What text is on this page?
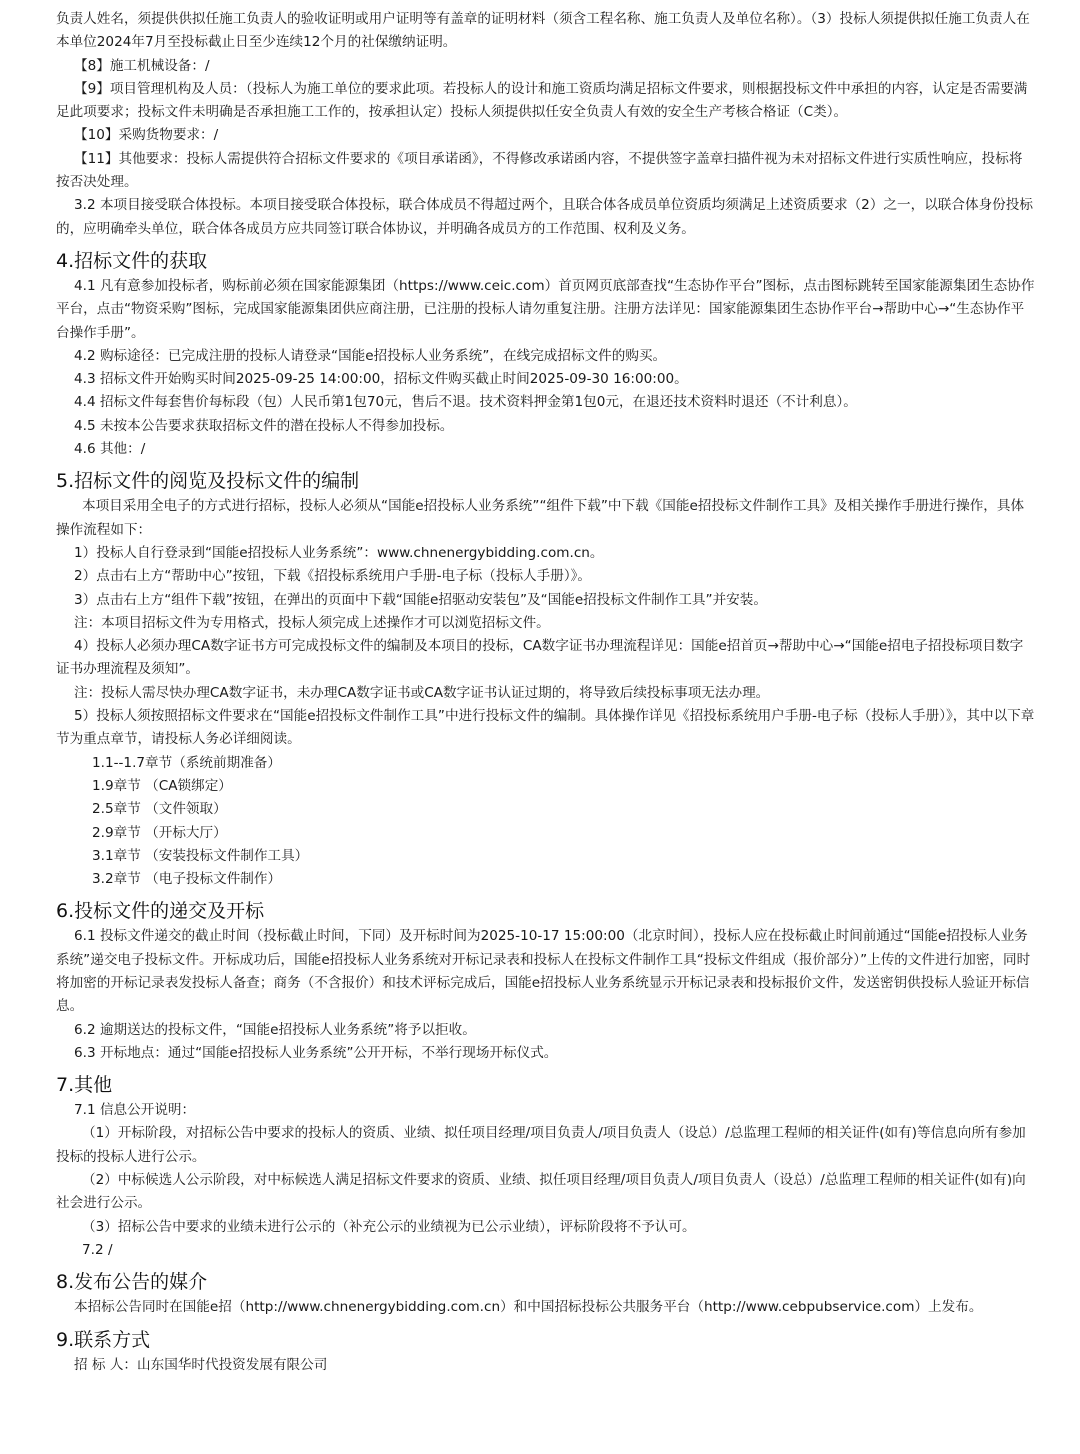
负责人姓名，须提供供拟任施工负责人的验收证明或用户证明等有盖章的证明材料（须含工程名称、施工负责人及单位名称）。（3）投标人须提供拟任施工负责人在本单位2024年7月至投标截止日至少连续12个月的社保缴纳证明。

【8】施工机械设备：/

【9】项目管理机构及人员：（投标人为施工单位的要求此项。若投标人的设计和施工资质均满足招标文件要求，则根据投标文件中承担的内容，认定是否需要满足此项要求；投标文件未明确是否承担施工工作的，按承担认定）投标人须提供拟任安全负责人有效的安全生产考核合格证（C类）。

【10】采购货物要求：/

【11】其他要求：投标人需提供符合招标文件要求的《项目承诺函》，不得修改承诺函内容，不提供签字盖章扫描件视为未对招标文件进行实质性响应，投标将按否决处理。

3.2 本项目接受联合体投标。本项目接受联合体投标，联合体成员不得超过两个，且联合体各成员单位资质均须满足上述资质要求（2）之一，以联合体身份投标的，应明确牵头单位，联合体各成员方应共同签订联合体协议，并明确各成员方的工作范围、权利及义务。

4.招标文件的获取

4.1 凡有意参加投标者，购标前必须在国家能源集团（https://www.ceic.com）首页网页底部查找“生态协作平台”图标，点击图标跳转至国家能源集团生态协作平台，点击“物资采购”图标，完成国家能源集团供应商注册，已注册的投标人请勿重复注册。注册方法详见：国家能源集团生态协作平台→帮助中心→“生态协作平台操作手册”。

4.2 购标途径：已完成注册的投标人请登录“国能e招投标人业务系统”，在线完成招标文件的购买。

4.3 招标文件开始购买时间2025-09-25 14:00:00，招标文件购买截止时间2025-09-30 16:00:00。

4.4 招标文件每套售价每标段（包）人民币第1包70元，售后不退。技术资料押金第1包0元，在退还技术资料时退还（不计利息）。

4.5 未按本公告要求获取招标文件的潜在投标人不得参加投标。

4.6 其他：/

5.招标文件的阅览及投标文件的编制

本项目采用全电子的方式进行招标，投标人必须从“国能e招投标人业务系统”“组件下载”中下载《国能e招投标文件制作工具》及相关操作手册进行操作，具体操作流程如下：

1）投标人自行登录到“国能e招投标人业务系统”：www.chnenergybidding.com.cn。

2）点击右上方“帮助中心”按钮，下载《招投标系统用户手册-电子标（投标人手册）》。

3）点击右上方“组件下载”按钮，在弹出的页面中下载“国能e招驱动安装包”及“国能e招投标文件制作工具”并安装。

注：本项目招标文件为专用格式，投标人须完成上述操作才可以浏览招标文件。

4）投标人必须办理CA数字证书方可完成投标文件的编制及本项目的投标，CA数字证书办理流程详见：国能e招首页→帮助中心→“国能e招电子招投标项目数字证书办理流程及须知”。

注：投标人需尽快办理CA数字证书，未办理CA数字证书或CA数字证书认证过期的，将导致后续投标事项无法办理。

5）投标人须按照招标文件要求在“国能e招投标文件制作工具”中进行投标文件的编制。具体操作详见《招投标系统用户手册-电子标（投标人手册）》，其中以下章节为重点章节，请投标人务必详细阅读。

1.1--1.7章节（系统前期准备）

1.9章节 （CA锁绑定）

2.5章节 （文件领取）

2.9章节 （开标大厅）

3.1章节 （安装投标文件制作工具）

3.2章节 （电子投标文件制作）

6.投标文件的递交及开标

6.1 投标文件递交的截止时间（投标截止时间，下同）及开标时间为2025-10-17 15:00:00（北京时间），投标人应在投标截止时间前通过“国能e招投标人业务系统”递交电子投标文件。开标成功后，国能e招投标人业务系统对开标记录表和投标人在投标文件制作工具“投标文件组成（报价部分）”上传的文件进行加密，同时将加密的开标记录表发投标人备查；商务（不含报价）和技术评标完成后，国能e招投标人业务系统显示开标记录表和投标报价文件，发送密钥供投标人验证开标信息。

6.2 逾期送达的投标文件，“国能e招投标人业务系统”将予以拒收。

6.3 开标地点：通过“国能e招投标人业务系统”公开开标，不举行现场开标仪式。

7.其他

7.1 信息公开说明：

（1）开标阶段，对招标公告中要求的投标人的资质、业绩、拟任项目经理/项目负责人/项目负责人（设总）/总监理工程师的相关证件(如有)等信息向所有参加投标的投标人进行公示。

（2）中标候选人公示阶段，对中标候选人满足招标文件要求的资质、业绩、拟任项目经理/项目负责人/项目负责人（设总）/总监理工程师的相关证件(如有)向社会进行公示。

（3）招标公告中要求的业绩未进行公示的（补充公示的业绩视为已公示业绩），评标阶段将不予认可。

7.2 /

8.发布公告的媒介

本招标公告同时在国能e招（http://www.chnenergybidding.com.cn）和中国招标投标公共服务平台（http://www.cebpubservice.com）上发布。

9.联系方式

招 标 人：山东国华时代投资发展有限公司
